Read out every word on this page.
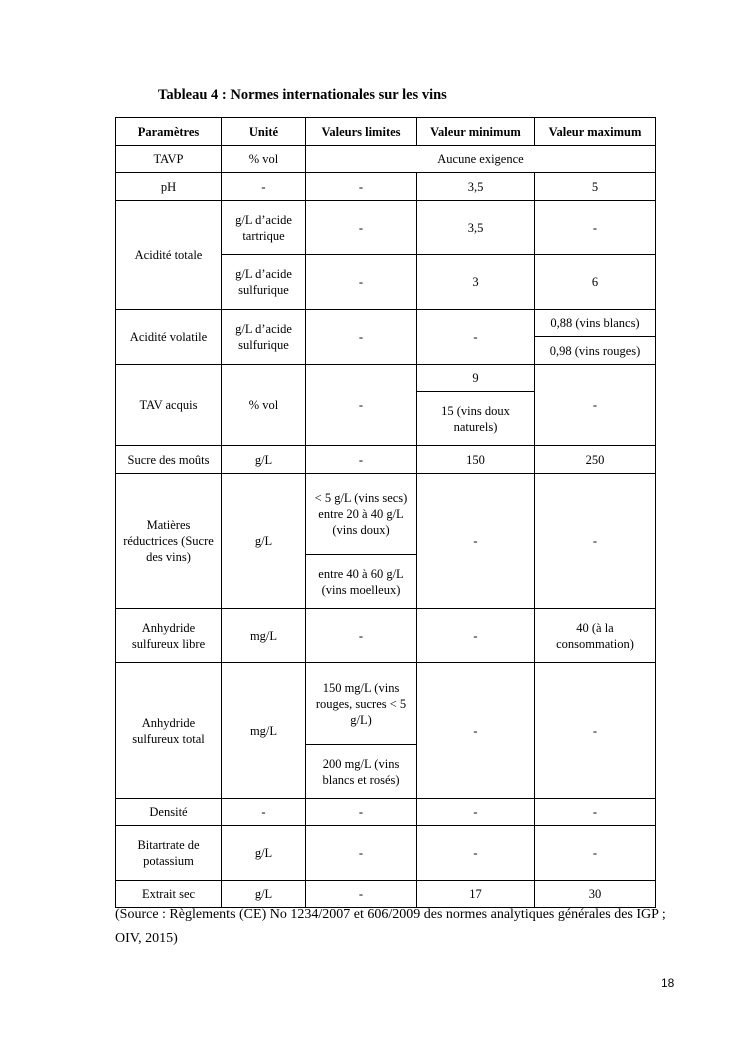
Tableau 4 : Normes internationales sur les vins
Paramètres	Unité	Valeurs limites	Valeur minimum	Valeur maximum
TAVP	% vol	Aucune exigence		
pH	-	-	3,5	5
Acidité totale	g/L d’acide tartrique	-	3,5	-
	g/L d’acide sulfurique	-	3	6
Acidité volatile	g/L d’acide sulfurique	-	-	0,88 (vins blancs)
				0,98 (vins rouges)
TAV acquis	% vol	-	9	-
			15 (vins doux naturels)	
Sucre des moûts	g/L	-	150	250
Matières réductrices (Sucre des vins)	g/L	< 5 g/L (vins secs) entre 20 à 40 g/L (vins doux)	-	-
		entre 40 à 60 g/L (vins moelleux)		
Anhydride sulfureux libre	mg/L	-	-	40 (à la consommation)
Anhydride sulfureux total	mg/L	150 mg/L (vins rouges, sucres < 5 g/L)	-	-
		200 mg/L (vins blancs et rosés)		
Densité	-	-	-	-
Bitartrate de potassium	g/L	-	-	-
Extrait sec	g/L	-	17	30
(Source : Règlements (CE) No 1234/2007 et 606/2009 des normes analytiques générales des IGP ; OIV, 2015)
18
